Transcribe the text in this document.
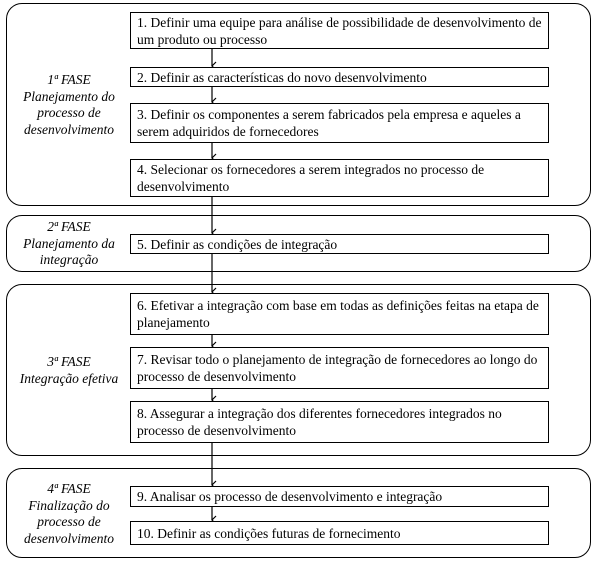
1ª FASE
Planejamento do
processo de
desenvolvimento
2ª FASE
Planejamento da
integração
3ª FASE
Integração efetiva
4ª FASE
Finalização do
processo de
desenvolvimento
1. Definir uma equipe para análise de possibilidade de desenvolvimento de um produto ou processo
2. Definir as características do novo desenvolvimento
3. Definir os componentes a serem fabricados pela empresa e aqueles a serem adquiridos de fornecedores
4. Selecionar os fornecedores a serem integrados no processo de desenvolvimento
5. Definir as condições de integração
6. Efetivar a integração com base em todas as definições feitas na etapa de planejamento
7. Revisar todo o planejamento de integração de fornecedores ao longo do processo de desenvolvimento
8. Assegurar a integração dos diferentes fornecedores integrados no processo de desenvolvimento
9. Analisar os processo de desenvolvimento e integração
10. Definir as condições futuras de fornecimento
